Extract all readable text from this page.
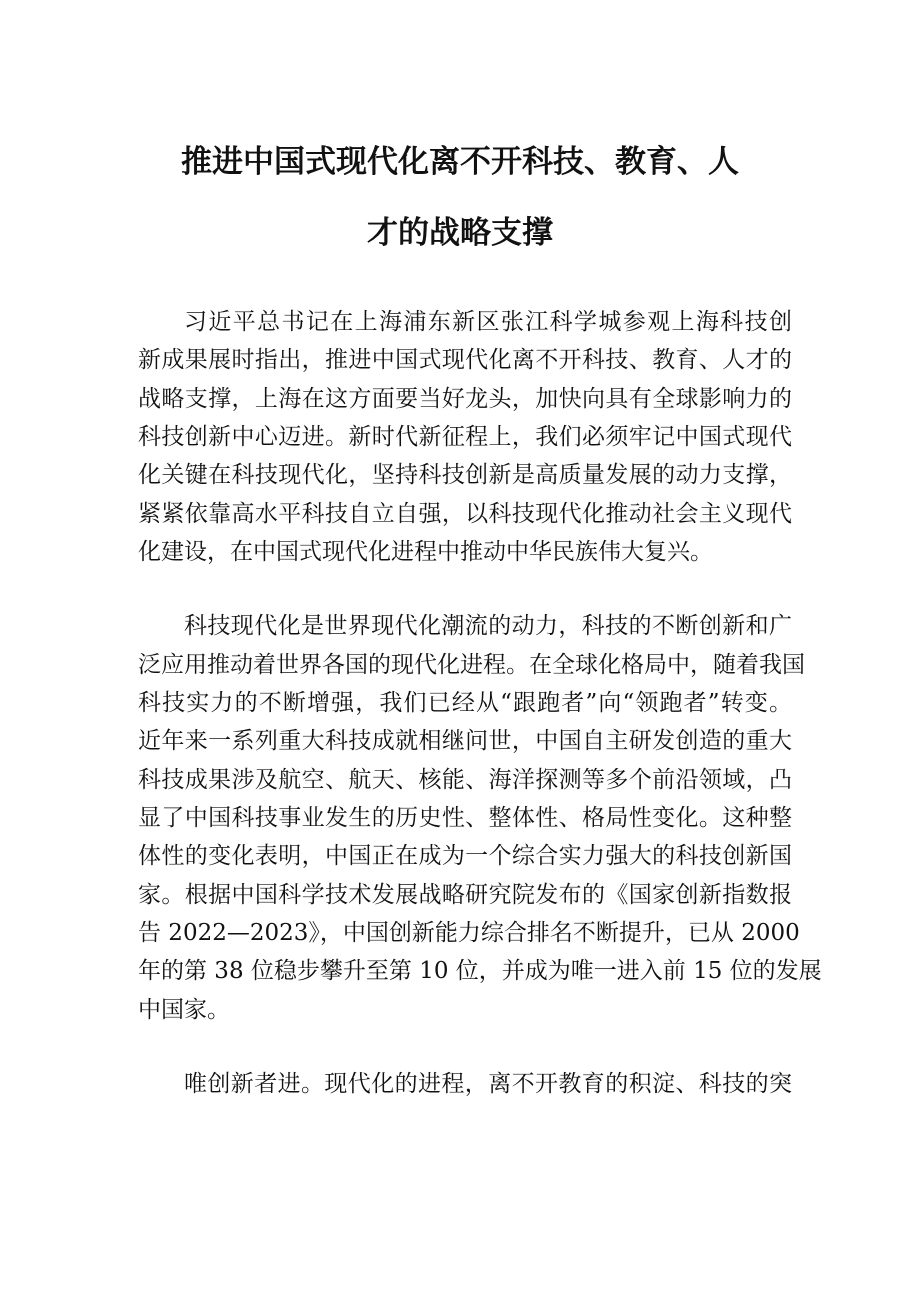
推进中国式现代化离不开科技、教育、人
才的战略支撑
习近平总书记在上海浦东新区张江科学城参观上海科技创
新成果展时指出，推进中国式现代化离不开科技、教育、人才的
战略支撑，上海在这方面要当好龙头，加快向具有全球影响力的
科技创新中心迈进。新时代新征程上，我们必须牢记中国式现代
化关键在科技现代化，坚持科技创新是高质量发展的动力支撑，
紧紧依靠高水平科技自立自强，以科技现代化推动社会主义现代
化建设，在中国式现代化进程中推动中华民族伟大复兴。
科技现代化是世界现代化潮流的动力，科技的不断创新和广
泛应用推动着世界各国的现代化进程。在全球化格局中，随着我国
科技实力的不断增强，我们已经从“跟跑者”向“领跑者”转变。
近年来一系列重大科技成就相继问世，中国自主研发创造的重大
科技成果涉及航空、航天、核能、海洋探测等多个前沿领域，凸
显了中国科技事业发生的历史性、整体性、格局性变化。这种整
体性的变化表明，中国正在成为一个综合实力强大的科技创新国
家。根据中国科学技术发展战略研究院发布的《国家创新指数报
告 2022—2023》，中国创新能力综合排名不断提升，已从 2000
年的第 38 位稳步攀升至第 10 位，并成为唯一进入前 15 位的发展
中国家。
唯创新者进。现代化的进程，离不开教育的积淀、科技的突
